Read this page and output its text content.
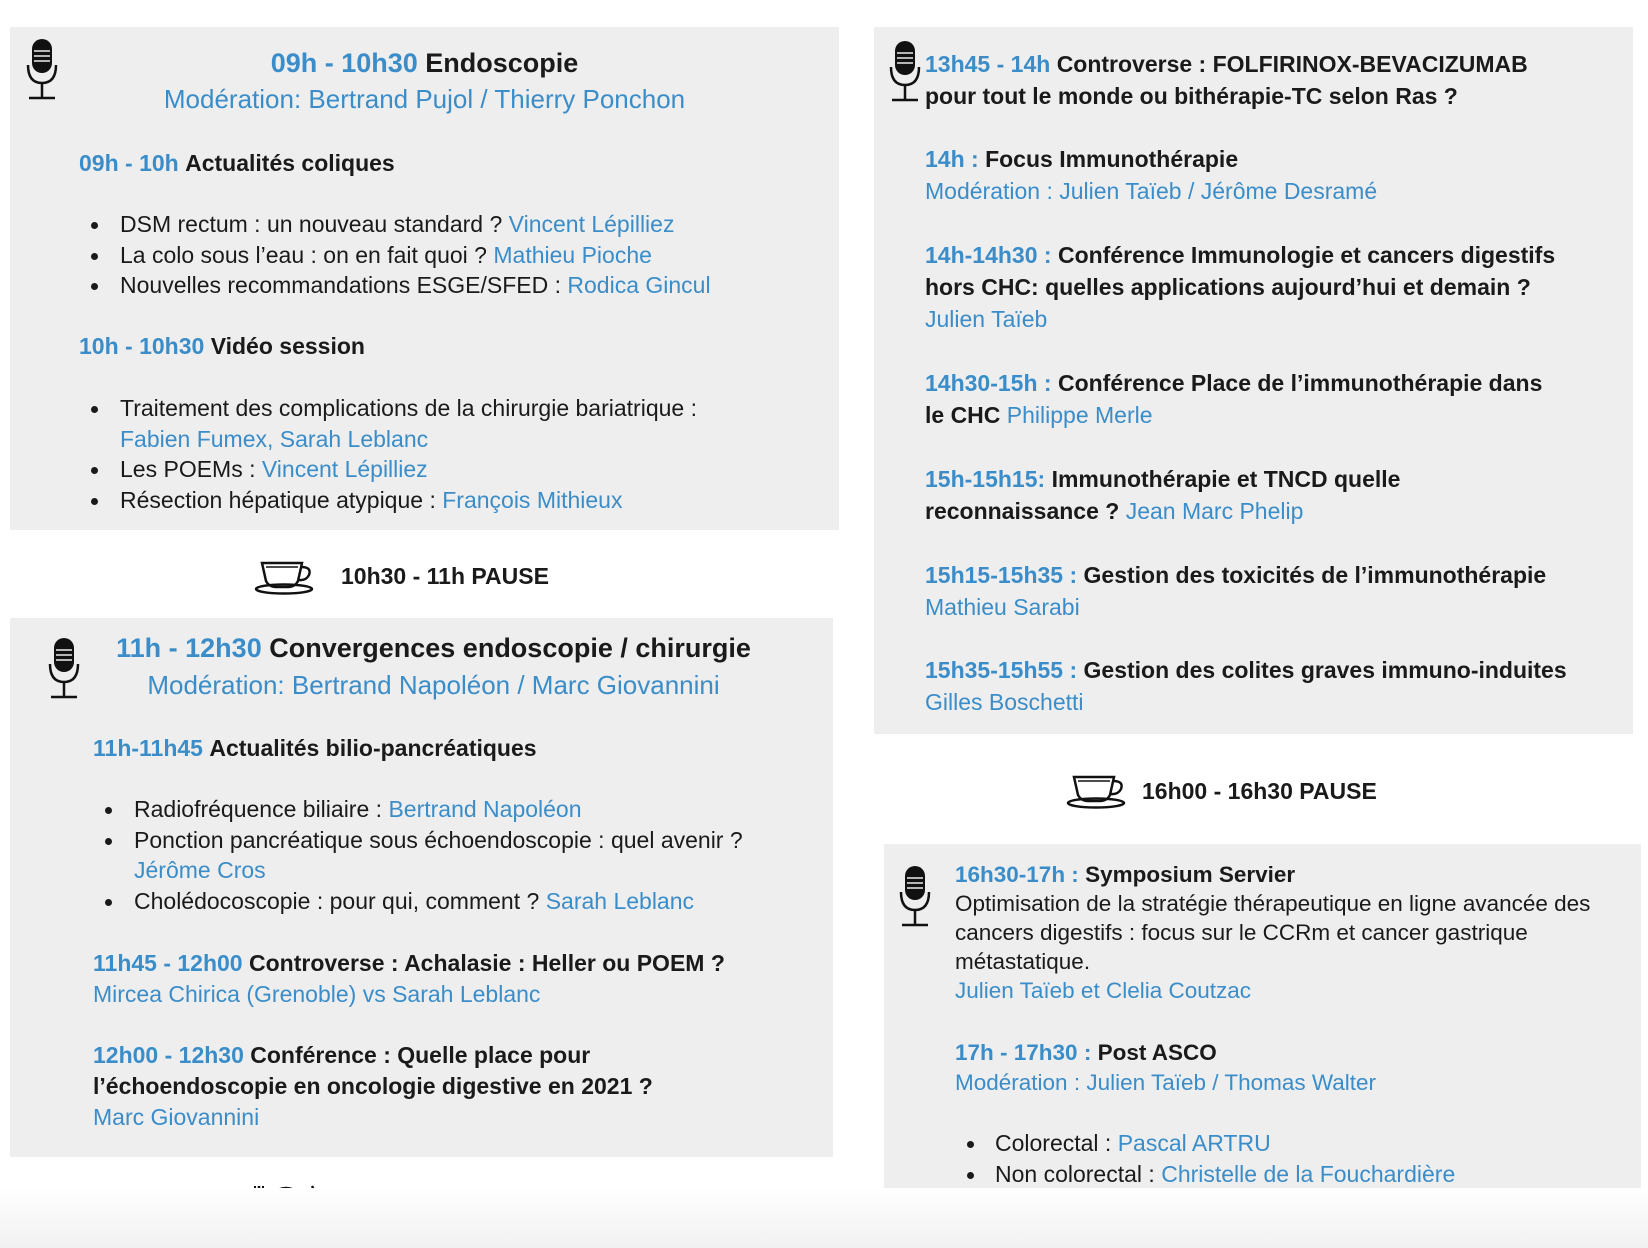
09h - 10h30 Endoscopie
Modération: Bertrand Pujol / Thierry Ponchon
09h - 10h Actualités coliques
DSM rectum : un nouveau standard ? Vincent Lépilliez
La colo sous l’eau : on en fait quoi ? Mathieu Pioche
Nouvelles recommandations ESGE/SFED : Rodica Gincul
10h - 10h30 Vidéo session
Traitement des complications de la chirurgie bariatrique : Fabien Fumex, Sarah Leblanc
Les POEMs : Vincent Lépilliez
Résection hépatique atypique : François Mithieux
10h30 - 11h PAUSE
11h - 12h30 Convergences endoscopie / chirurgie
Modération: Bertrand Napoléon / Marc Giovannini
11h-11h45 Actualités bilio-pancréatiques
Radiofréquence biliaire : Bertrand Napoléon
Ponction pancréatique sous échoendoscopie : quel avenir ? Jérôme Cros
Cholédocoscopie : pour qui, comment ? Sarah Leblanc
11h45 - 12h00 Controverse : Achalasie : Heller ou POEM ?
Mircea Chirica (Grenoble) vs Sarah Leblanc
12h00 - 12h30 Conférence : Quelle place pour
l’échoendoscopie en oncologie digestive en 2021 ?
Marc Giovannini
13h45 - 14h Controverse : FOLFIRINOX-BEVACIZUMAB
pour tout le monde ou bithérapie-TC selon Ras ?
14h : Focus Immunothérapie
Modération : Julien Taïeb / Jérôme Desramé
14h-14h30 : Conférence Immunologie et cancers digestifs
hors CHC: quelles applications aujourd’hui et demain ?
Julien Taïeb
14h30-15h : Conférence Place de l’immunothérapie dans
le CHC Philippe Merle
15h-15h15: Immunothérapie et TNCD quelle
reconnaissance ? Jean Marc Phelip
15h15-15h35 : Gestion des toxicités de l’immunothérapie
Mathieu Sarabi
15h35-15h55 : Gestion des colites graves immuno-induites
Gilles Boschetti
16h00 - 16h30 PAUSE
16h30-17h : Symposium Servier
Optimisation de la stratégie thérapeutique en ligne avancée des
cancers digestifs : focus sur le CCRm et cancer gastrique
métastatique.
Julien Taïeb et Clelia Coutzac
17h - 17h30 : Post ASCO
Modération : Julien Taïeb / Thomas Walter
Colorectal : Pascal ARTRU
Non colorectal : Christelle de la Fouchardière
